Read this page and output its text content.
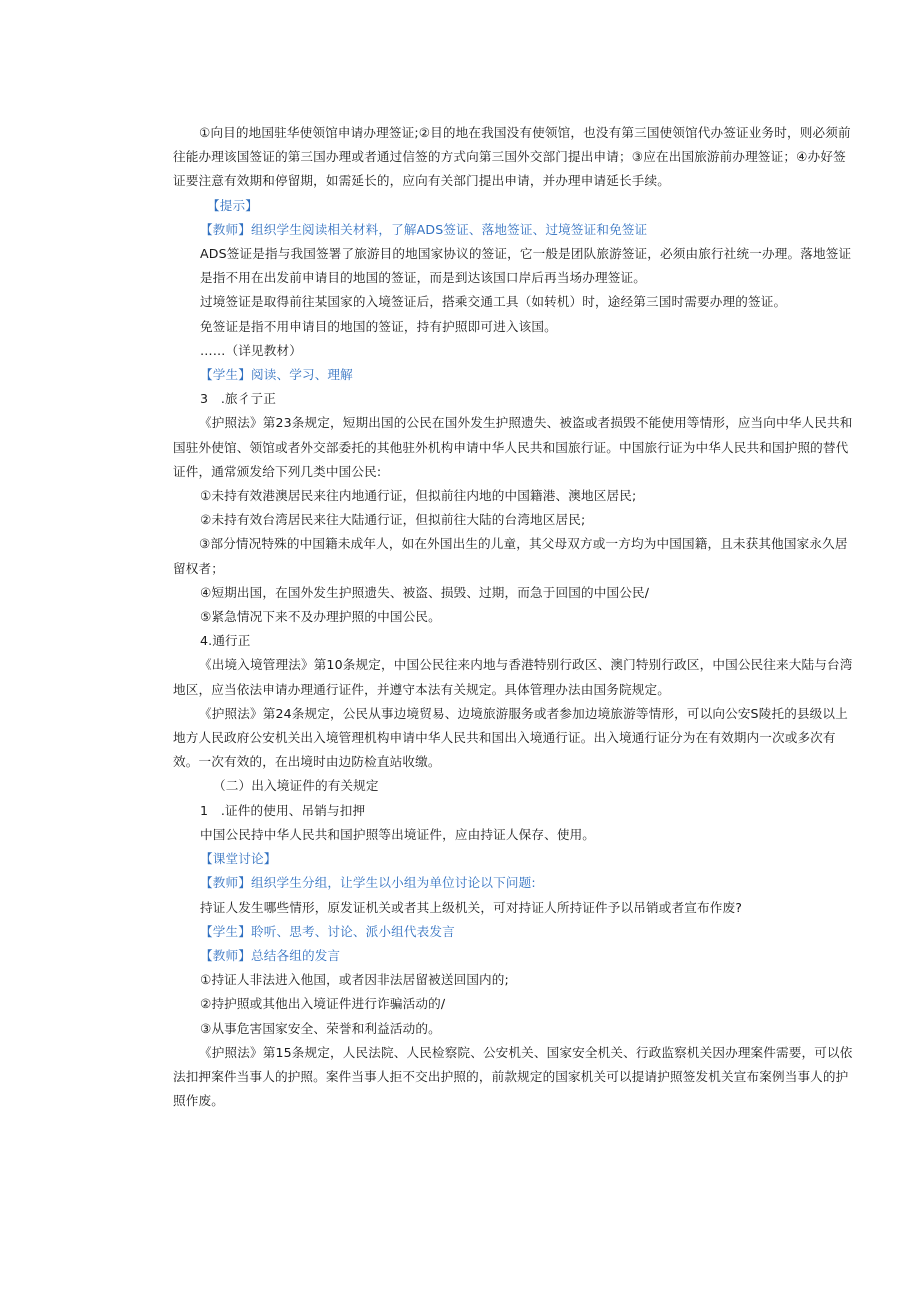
①向目的地国驻华使领馆申请办理签证;②目的地在我国没有使领馆，也没有第三国使领馆代办签证业务时，则必须前往能办理该国签证的第三国办理或者通过信签的方式向第三国外交部门提出申请；③应在出国旅游前办理签证；④办好签证要注意有效期和停留期，如需延长的，应向有关部门提出申请，并办理申请延长手续。

【提示】

【教师】组织学生阅读相关材料，了解ADS签证、落地签证、过境签证和免签证

ADS签证是指与我国签署了旅游目的地国家协议的签证，它一般是团队旅游签证，必须由旅行社统一办理。落地签证是指不用在出发前申请目的地国的签证，而是到达该国口岸后再当场办理签证。

过境签证是取得前往某国家的入境签证后，搭乘交通工具（如转机）时，途经第三国时需要办理的签证。

免签证是指不用申请目的地国的签证，持有护照即可进入该国。

……（详见教材）

【学生】阅读、学习、理解

3　.旅彳亍正

《护照法》第23条规定，短期出国的公民在国外发生护照遗失、被盗或者损毁不能使用等情形，应当向中华人民共和国驻外使馆、领馆或者外交部委托的其他驻外机构申请中华人民共和国旅行证。中国旅行证为中华人民共和国护照的替代证件，通常颁发给下列几类中国公民:

①未持有效港澳居民来往内地通行证，但拟前往内地的中国籍港、澳地区居民;

②未持有效台湾居民来往大陆通行证，但拟前往大陆的台湾地区居民;

③部分情况特殊的中国籍未成年人，如在外国出生的儿童，其父母双方或一方均为中国国籍，且未获其他国家永久居留权者；

④短期出国，在国外发生护照遗失、被盗、损毁、过期，而急于回国的中国公民∕

⑤紧急情况下来不及办理护照的中国公民。

4.通行正

《出境入境管理法》第10条规定，中国公民往来内地与香港特别行政区、澳门特别行政区，中国公民往来大陆与台湾地区，应当依法申请办理通行证件，并遵守本法有关规定。具体管理办法由国务院规定。

《护照法》第24条规定，公民从事边境贸易、边境旅游服务或者参加边境旅游等情形，可以向公安S陵托的县级以上地方人民政府公安机关出入境管理机构申请中华人民共和国出入境通行证。出入境通行证分为在有效期内一次或多次有效。一次有效的，在出境时由边防检直站收缴。

（二）出入境证件的有关规定

1　.证件的使用、吊销与扣押

中国公民持中华人民共和国护照等出境证件，应由持证人保存、使用。

【课堂讨论】

【教师】组织学生分组，让学生以小组为单位讨论以下问题:

持证人发生哪些情形，原发证机关或者其上级机关，可对持证人所持证件予以吊销或者宣布作废?

【学生】聆听、思考、讨论、派小组代表发言

【教师】总结各组的发言

①持证人非法进入他国，或者因非法居留被送回国内的;

②持护照或其他出入境证件进行诈骗活动的∕

③从事危害国家安全、荣誉和利益活动的。

《护照法》第15条规定，人民法院、人民检察院、公安机关、国家安全机关、行政监察机关因办理案件需要，可以依法扣押案件当事人的护照。案件当事人拒不交出护照的，前款规定的国家机关可以提请护照签发机关宣布案例当事人的护照作废。
